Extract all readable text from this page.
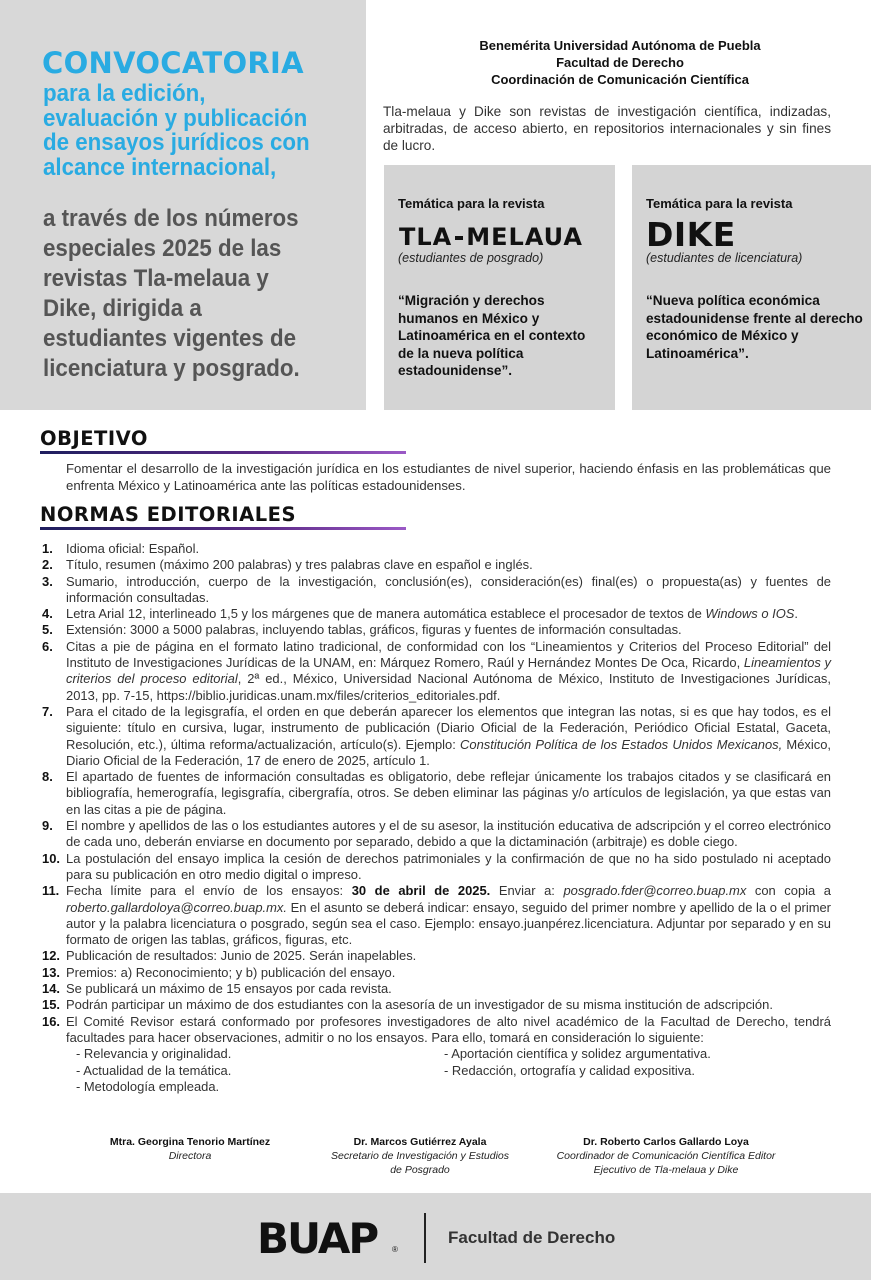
CONVOCATORIA
para la edición, evaluación y publicación de ensayos jurídicos con alcance internacional,
a través de los números especiales 2025 de las revistas Tla-melaua y Dike, dirigida a estudiantes vigentes de licenciatura y posgrado.
Benemérita Universidad Autónoma de Puebla
Facultad de Derecho
Coordinación de Comunicación Científica
Tla-melaua y Dike son revistas de investigación científica, indizadas, arbitradas, de acceso abierto, en repositorios internacionales y sin fines de lucro.
Temática para la revista
TLA MELAUA
(estudiantes de posgrado)
“Migración y derechos humanos en México y Latinoamérica en el contexto de la nueva política estadounidense”.
Temática para la revista
DIKE
(estudiantes de licenciatura)
“Nueva política económica estadounidense frente al derecho económico de México y Latinoamérica”.
OBJETIVO
Fomentar el desarrollo de la investigación jurídica en los estudiantes de nivel superior, haciendo énfasis en las problemáticas que enfrenta México y Latinoamérica ante las políticas estadounidenses.
NORMAS EDITORIALES
1.	Idioma oficial: Español.
2.	Título, resumen (máximo 200 palabras) y tres palabras clave en español e inglés.
3.	Sumario, introducción, cuerpo de la investigación, conclusión(es), consideración(es) final(es) o propuesta(as) y fuentes de información consultadas.
4.	Letra Arial 12, interlineado 1,5 y los márgenes que de manera automática establece el procesador de textos de Windows o IOS.
5.	Extensión: 3000 a 5000 palabras, incluyendo tablas, gráficos, figuras y fuentes de información consultadas.
6.	Citas a pie de página en el formato latino tradicional, de conformidad con los “Lineamientos y Criterios del Proceso Editorial” del Instituto de Investigaciones Jurídicas de la UNAM, en: Márquez Romero, Raúl y Hernández Montes De Oca, Ricardo, Lineamientos y criterios del proceso editorial, 2ª ed., México, Universidad Nacional Autónoma de México, Instituto de Investigaciones Jurídicas, 2013, pp. 7-15, https://biblio.juridicas.unam.mx/files/criterios_editoriales.pdf.
7.	Para el citado de la legisgrafía, el orden en que deberán aparecer los elementos que integran las notas, si es que hay todos, es el siguiente: título en cursiva, lugar, instrumento de publicación (Diario Oficial de la Federación, Periódico Oficial Estatal, Gaceta, Resolución, etc.), última reforma/actualización, artículo(s). Ejemplo: Constitución Política de los Estados Unidos Mexicanos, México, Diario Oficial de la Federación, 17 de enero de 2025, artículo 1.
8.	El apartado de fuentes de información consultadas es obligatorio, debe reflejar únicamente los trabajos citados y se clasificará en bibliografía, hemerografía, legisgrafía, cibergrafía, otros. Se deben eliminar las páginas y/o artículos de legislación, ya que estas van en las citas a pie de página.
9.	El nombre y apellidos de las o los estudiantes autores y el de su asesor, la institución educativa de adscripción y el correo electrónico de cada uno, deberán enviarse en documento por separado, debido a que la dictaminación (arbitraje) es doble ciego.
10. La postulación del ensayo implica la cesión de derechos patrimoniales y la confirmación de que no ha sido postulado ni aceptado para su publicación en otro medio digital o impreso.
11. Fecha límite para el envío de los ensayos: 30 de abril de 2025. Enviar a: posgrado.fder@correo.buap.mx con copia a roberto.gallardoloya@correo.buap.mx. En el asunto se deberá indicar: ensayo, seguido del primer nombre y apellido de la o el primer autor y la palabra licenciatura o posgrado, según sea el caso. Ejemplo: ensayo.juanpérez.licenciatura. Adjuntar por separado y en su formato de origen las tablas, gráficos, figuras, etc.
12. Publicación de resultados: Junio de 2025. Serán inapelables.
13. Premios: a) Reconocimiento; y b) publicación del ensayo.
14. Se publicará un máximo de 15 ensayos por cada revista.
15. Podrán participar un máximo de dos estudiantes con la asesoría de un investigador de su misma institución de adscripción.
16. El Comité Revisor estará conformado por profesores investigadores de alto nivel académico de la Facultad de Derecho, tendrá facultades para hacer observaciones, admitir o no los ensayos. Para ello, tomará en consideración lo siguiente:
- Relevancia y originalidad.	- Aportación científica y solidez argumentativa.
- Actualidad de la temática.	- Redacción, ortografía y calidad expositiva.
- Metodología empleada.
Mtra. Georgina Tenorio Martínez
Directora
Dr. Marcos Gutiérrez Ayala
Secretario de Investigación y Estudios de Posgrado
Dr. Roberto Carlos Gallardo Loya
Coordinador de Comunicación Científica Editor Ejecutivo de Tla-melaua y Dike
BUAP ®
Facultad de Derecho
